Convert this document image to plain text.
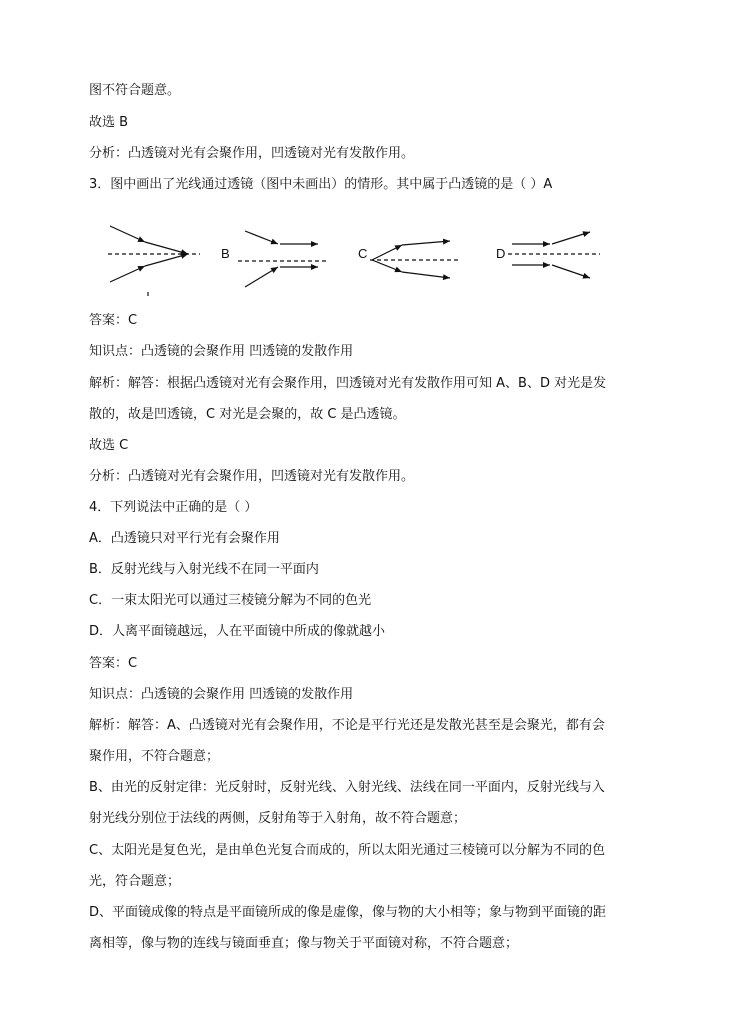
图不符合题意。
故选 B
分析：凸透镜对光有会聚作用，凹透镜对光有发散作用。
3．图中画出了光线通过透镜（图中未画出）的情形。其中属于凸透镜的是（ ）A
B	C	D
答案：C
知识点：凸透镜的会聚作用 凹透镜的发散作用
解析：解答：根据凸透镜对光有会聚作用，凹透镜对光有发散作用可知 A、B、D 对光是发
散的，故是凹透镜，C 对光是会聚的，故 C 是凸透镜。
故选 C
分析：凸透镜对光有会聚作用，凹透镜对光有发散作用。
4．下列说法中正确的是（ ）
A．凸透镜只对平行光有会聚作用
B．反射光线与入射光线不在同一平面内
C．一束太阳光可以通过三棱镜分解为不同的色光
D．人离平面镜越远，人在平面镜中所成的像就越小
答案：C
知识点：凸透镜的会聚作用 凹透镜的发散作用
解析：解答：A、凸透镜对光有会聚作用，不论是平行光还是发散光甚至是会聚光，都有会
聚作用，不符合题意；
B、由光的反射定律：光反射时，反射光线、入射光线、法线在同一平面内，反射光线与入
射光线分别位于法线的两侧，反射角等于入射角，故不符合题意；
C、太阳光是复色光，是由单色光复合而成的，所以太阳光通过三棱镜可以分解为不同的色
光，符合题意；
D、平面镜成像的特点是平面镜所成的像是虚像，像与物的大小相等；象与物到平面镜的距
离相等，像与物的连线与镜面垂直；像与物关于平面镜对称，不符合题意；
